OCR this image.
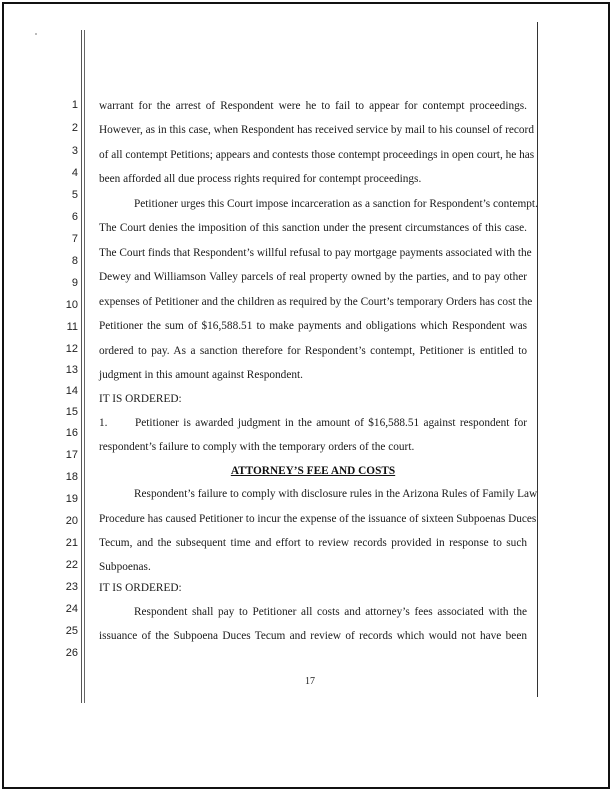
1
2
3
4
5
6
7
8
9
10
11
12
13
14
15
16
17
18
19
20
21
22
23
24
25
26
warrant for the arrest of Respondent were he to fail to appear for contempt proceedings.
However, as in this case, when Respondent has received service by mail to his counsel of record
of all contempt Petitions; appears and contests those contempt proceedings in open court, he has
been afforded all due process rights required for contempt proceedings.
Petitioner urges this Court impose incarceration as a sanction for Respondent’s contempt.
The Court denies the imposition of this sanction under the present circumstances of this case.
The Court finds that Respondent’s willful refusal to pay mortgage payments associated with the
Dewey and Williamson Valley parcels of real property owned by the parties, and to pay other
expenses of Petitioner and the children as required by the Court’s temporary Orders has cost the
Petitioner the sum of $16,588.51 to make payments and obligations which Respondent was
ordered to pay. As a sanction therefore for Respondent’s contempt, Petitioner is entitled to
judgment in this amount against Respondent.
IT IS ORDERED:
1.	Petitioner is awarded judgment in the amount of $16,588.51 against respondent for
respondent’s failure to comply with the temporary orders of the court.
ATTORNEY’S FEE AND COSTS
Respondent’s failure to comply with disclosure rules in the Arizona Rules of Family Law
Procedure has caused Petitioner to incur the expense of the issuance of sixteen Subpoenas Duces
Tecum, and the subsequent time and effort to review records provided in response to such
Subpoenas.
IT IS ORDERED:
Respondent shall pay to Petitioner all costs and attorney’s fees associated with the
issuance of the Subpoena Duces Tecum and review of records which would not have been
17
